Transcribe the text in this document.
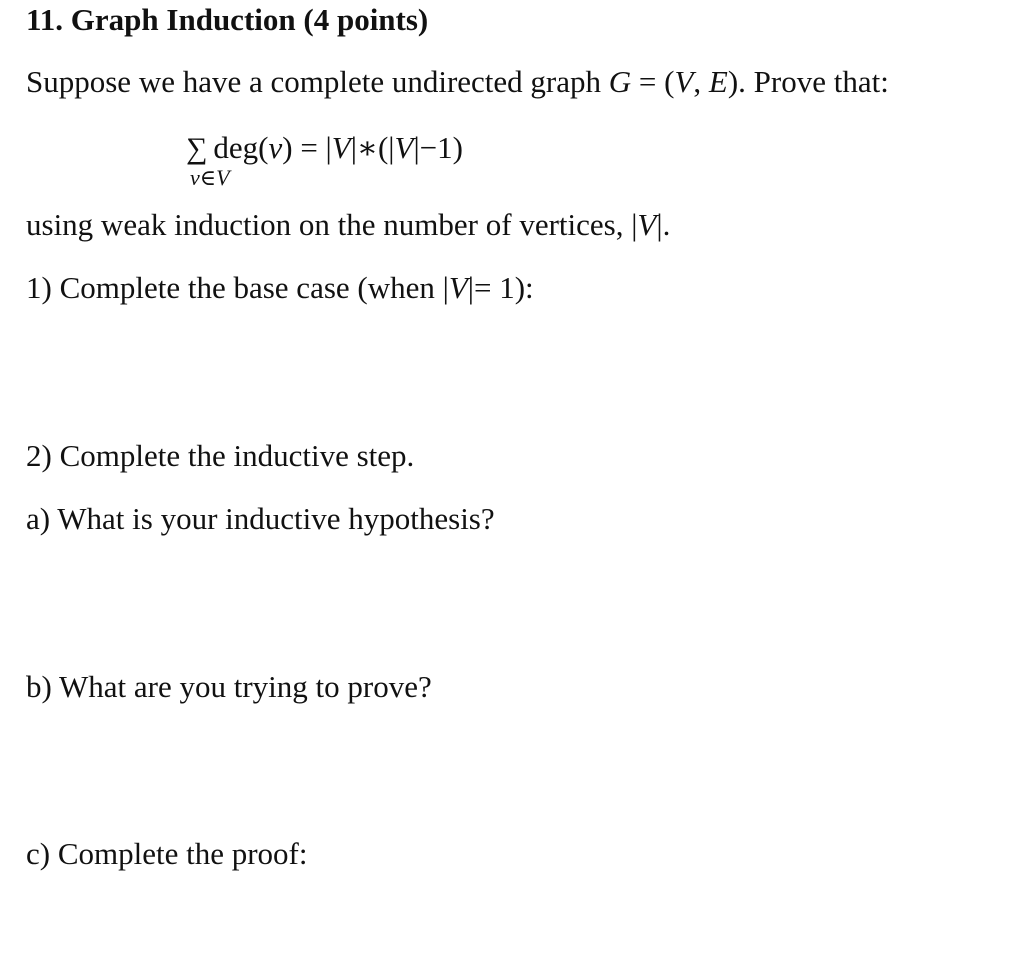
11. Graph Induction (4 points)
Suppose we have a complete undirected graph G = (V, E). Prove that:
∑ deg(v) = |V|∗(|V|−1)
v∈V
using weak induction on the number of vertices, |V|.
1) Complete the base case (when |V|= 1):
2) Complete the inductive step.
a) What is your inductive hypothesis?
b) What are you trying to prove?
c) Complete the proof:
